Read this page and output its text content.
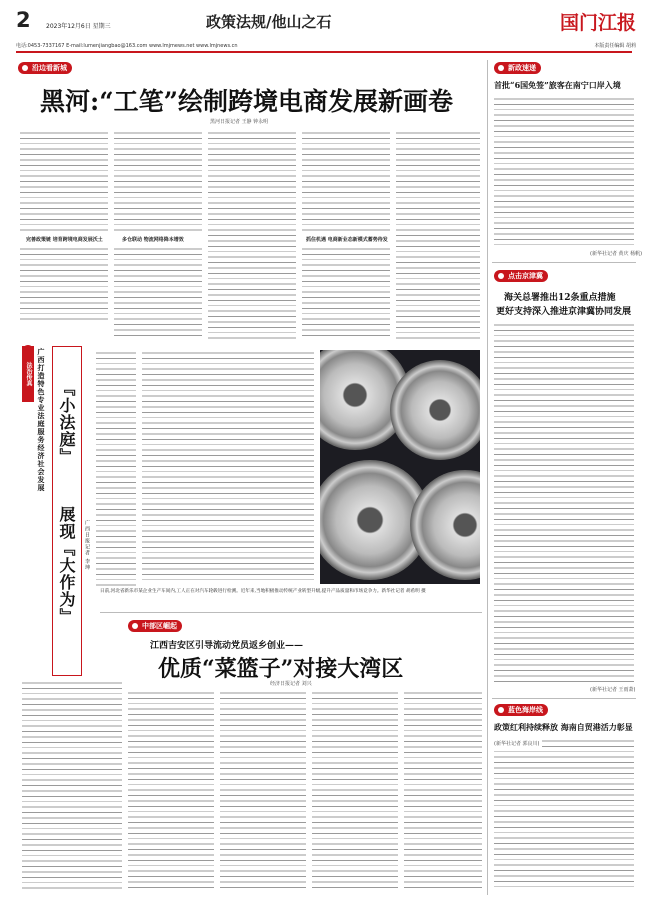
2	2023年12月6日 星期三	政策法规/他山之石	国门江报
电话:0453-7337167 E-mail:lumenjiangbao@163.com www.lmjmews.net www.lmjnews.cn	本版责任编辑 胡莉
沿边看新城
黑河:“工笔”绘制跨境电商发展新画卷
黑河日报记者 王静 钟永明
完善政策链 培育跨境电商发展沃土	多仓联动 物流网络降本增效	抓住机遇 电商新业态新模式蓄势待发
法治传真 广西打造特色专业法庭服务经济社会发展 『小法庭』
展现『大作为』	广西日报记者 李坤
日前,河北省新乐市某企业生产车间内,工人正在对汽车轮毂进行检测。近年来,当地积极推动传统产业转型升级,提升产品质量和市场竞争力。新华社记者 胡希明 摄
中部区崛起
江西吉安区引导流动党员返乡创业——
优质“菜篮子”对接大湾区
经济日报记者 刘兴
新政速递
首批“6国免签”旅客在南宁口岸入境
(新华社记者 黄庆 杨帆)
点击京津冀
海关总署推出12条重点措施
更好支持深入推进京津冀协同发展
(新华社记者 王雨萧)
蓝色海岸线
政策红利持续释放 海南自贸港活力彰显
(新华社记者 郭良川)
